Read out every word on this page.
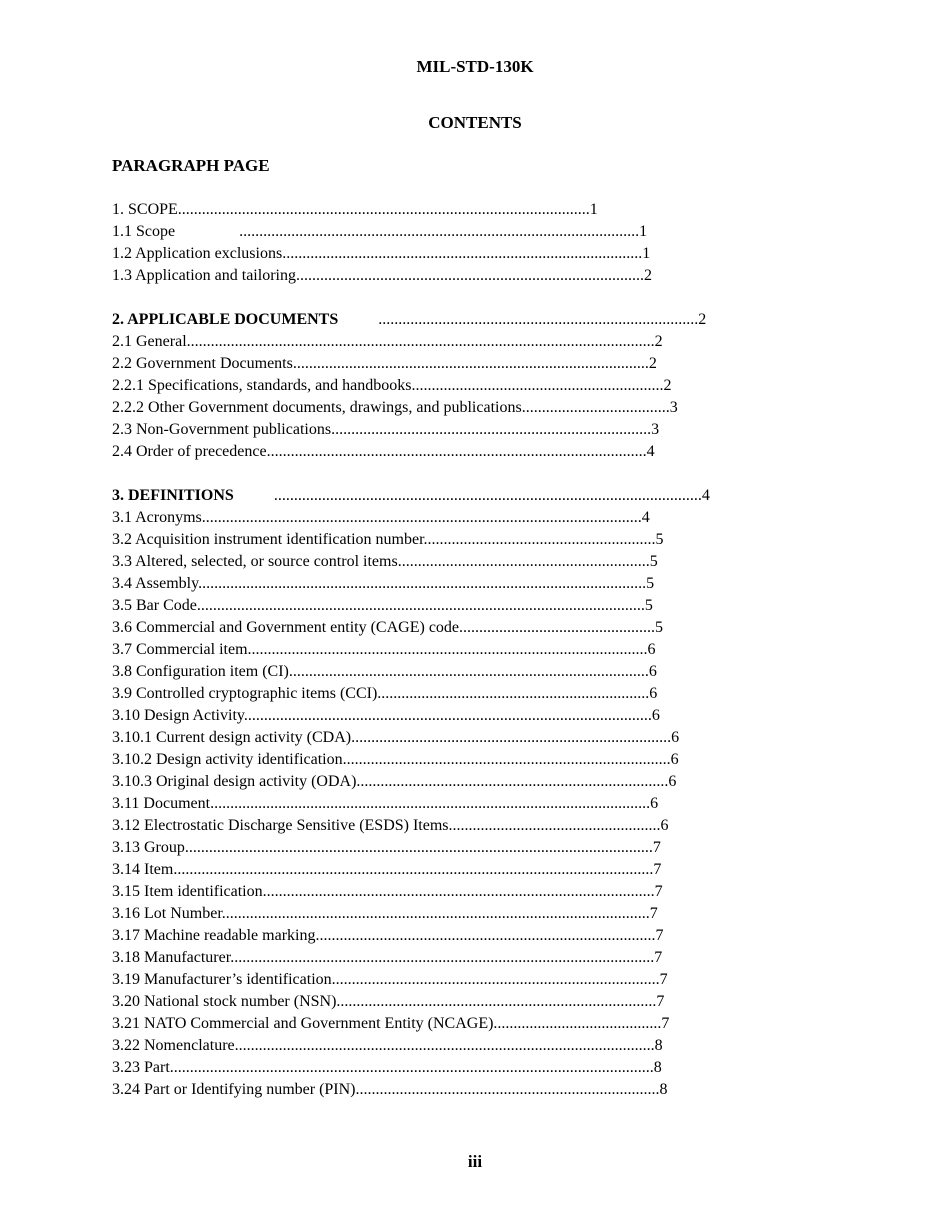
MIL-STD-130K
CONTENTS
PARAGRAPH PAGE
1. SCOPE.......................................................................................................1
1.1 Scope                ....................................................................................................1
1.2 Application exclusions..........................................................................................1
1.3 Application and tailoring.......................................................................................2
2. APPLICABLE DOCUMENTS          ................................................................................2
2.1 General.....................................................................................................................2
2.2 Government Documents.........................................................................................2
2.2.1 Specifications, standards, and handbooks...............................................................2
2.2.2 Other Government documents, drawings, and publications.....................................3
2.3 Non-Government publications................................................................................3
2.4 Order of precedence...............................................................................................4
3. DEFINITIONS          ...........................................................................................................4
3.1 Acronyms..............................................................................................................4
3.2 Acquisition instrument identification number..........................................................5
3.3 Altered, selected, or source control items...............................................................5
3.4 Assembly................................................................................................................5
3.5 Bar Code................................................................................................................5
3.6 Commercial and Government entity (CAGE) code.................................................5
3.7 Commercial item....................................................................................................6
3.8 Configuration item (CI)..........................................................................................6
3.9 Controlled cryptographic items (CCI)....................................................................6
3.10 Design Activity......................................................................................................6
3.10.1 Current design activity (CDA)................................................................................6
3.10.2 Design activity identification..................................................................................6
3.10.3 Original design activity (ODA)..............................................................................6
3.11 Document..............................................................................................................6
3.12 Electrostatic Discharge Sensitive (ESDS) Items.....................................................6
3.13 Group.....................................................................................................................7
3.14 Item........................................................................................................................7
3.15 Item identification..................................................................................................7
3.16 Lot Number...........................................................................................................7
3.17 Machine readable marking.....................................................................................7
3.18 Manufacturer..........................................................................................................7
3.19 Manufacturer’s identification..................................................................................7
3.20 National stock number (NSN)................................................................................7
3.21 NATO Commercial and Government Entity (NCAGE)..........................................7
3.22 Nomenclature.........................................................................................................8
3.23 Part.........................................................................................................................8
3.24 Part or Identifying number (PIN)............................................................................8
iii
